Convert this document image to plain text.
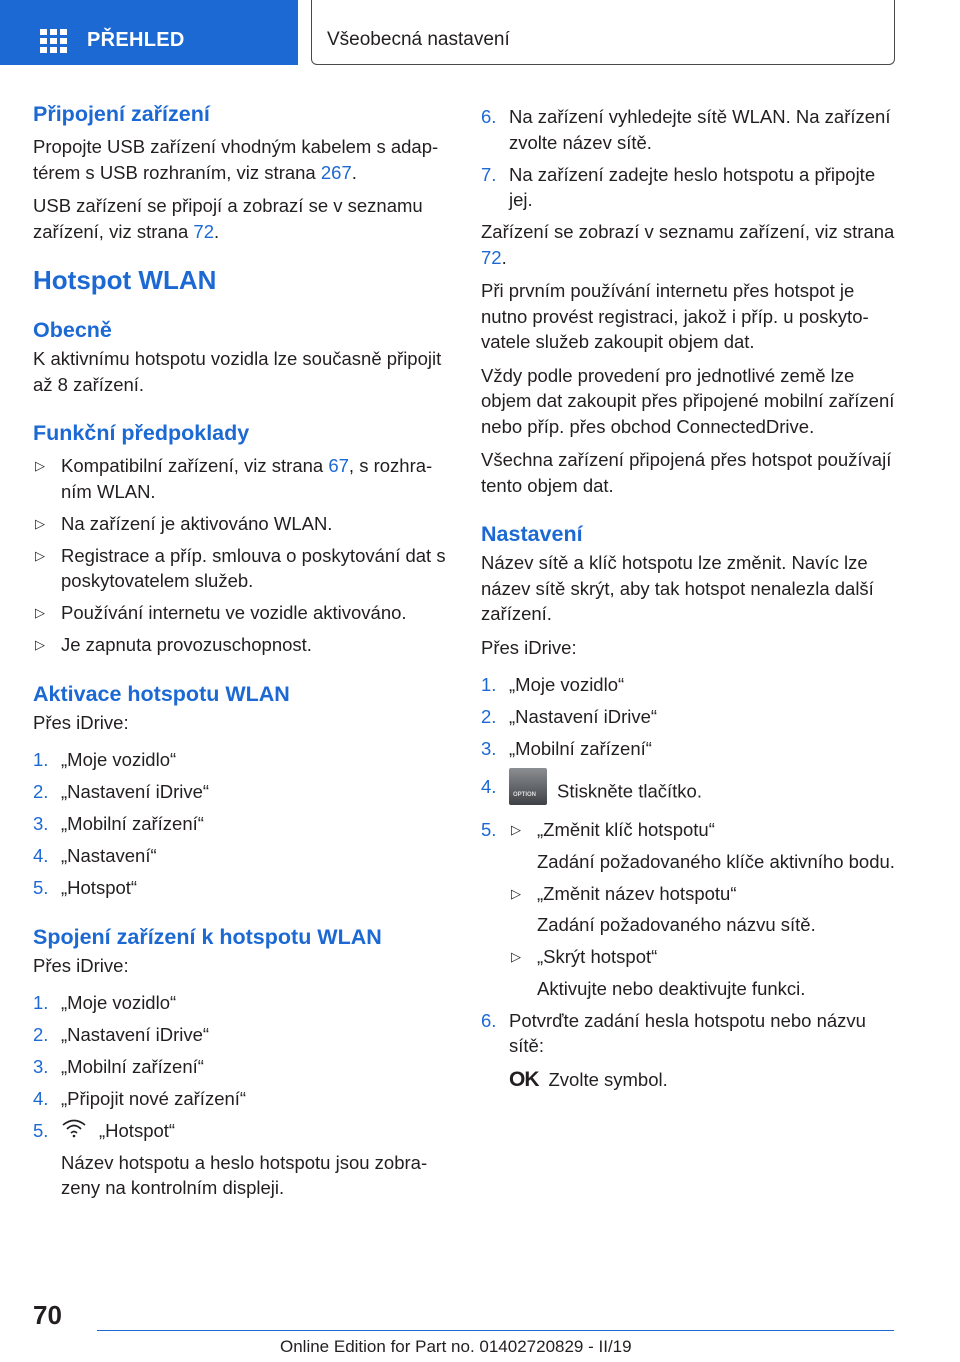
PŘEHLED	Všeobecná nastavení
Připojení zařízení

Propojte USB zařízení vhodným kabelem s adaptérem s USB rozhraním, viz strana 267.

USB zařízení se připojí a zobrazí se v seznamu zařízení, viz strana 72.

Hotspot WLAN
Obecně

K aktivnímu hotspotu vozidla lze současně připojit až 8 zařízení.

Funkční předpoklady
▷ Kompatibilní zařízení, viz strana 67, s rozhraním WLAN.
▷ Na zařízení je aktivováno WLAN.
▷ Registrace a příp. smlouva o poskytování dat s poskytovatelem služeb.
▷ Používání internetu ve vozidle aktivováno.
▷ Je zapnuta provozuschopnost.
Aktivace hotspotu WLAN

Přes iDrive:

1. „Moje vozidlo“
2. „Nastavení iDrive“
3. „Mobilní zařízení“
4. „Nastavení“
5. „Hotspot“
Spojení zařízení k hotspotu WLAN

Přes iDrive:

1. „Moje vozidlo“
2. „Nastavení iDrive“
3. „Mobilní zařízení“
4. „Připojit nové zařízení“
5.	„Hotspot“
Název hotspotu a heslo hotspotu jsou zobrazeny na kontrolním displeji.
6. Na zařízení vyhledejte sítě WLAN. Na zařízení zvolte název sítě.
7. Na zařízení zadejte heslo hotspotu a připojte jej.

Zařízení se zobrazí v seznamu zařízení, viz strana 72.

Při prvním používání internetu přes hotspot je nutno provést registraci, jakož i příp. u poskytovatele služeb zakoupit objem dat.

Vždy podle provedení pro jednotlivé země lze objem dat zakoupit přes připojené mobilní zařízení nebo příp. přes obchod ConnectedDrive.

Všechna zařízení připojená přes hotspot používají tento objem dat.

Nastavení

Název sítě a klíč hotspotu lze změnit. Navíc lze název sítě skrýt, aby tak hotspot nenalezla další zařízení.

Přes iDrive:

1. „Moje vozidlo“
2. „Nastavení iDrive“
3. „Mobilní zařízení“
4.
OPTION	Stiskněte tlačítko.
5. ▷ „Změnit klíč hotspotu“
Zadání požadovaného klíče aktivního bodu.
▷ „Změnit název hotspotu“
Zadání požadovaného názvu sítě.
▷ „Skrýt hotspot“
Aktivujte nebo deaktivujte funkci.
6. Potvrďte zadání hesla hotspotu nebo názvu sítě:
OK Zvolte symbol.
70
Online Edition for Part no. 01402720829 - II/19
